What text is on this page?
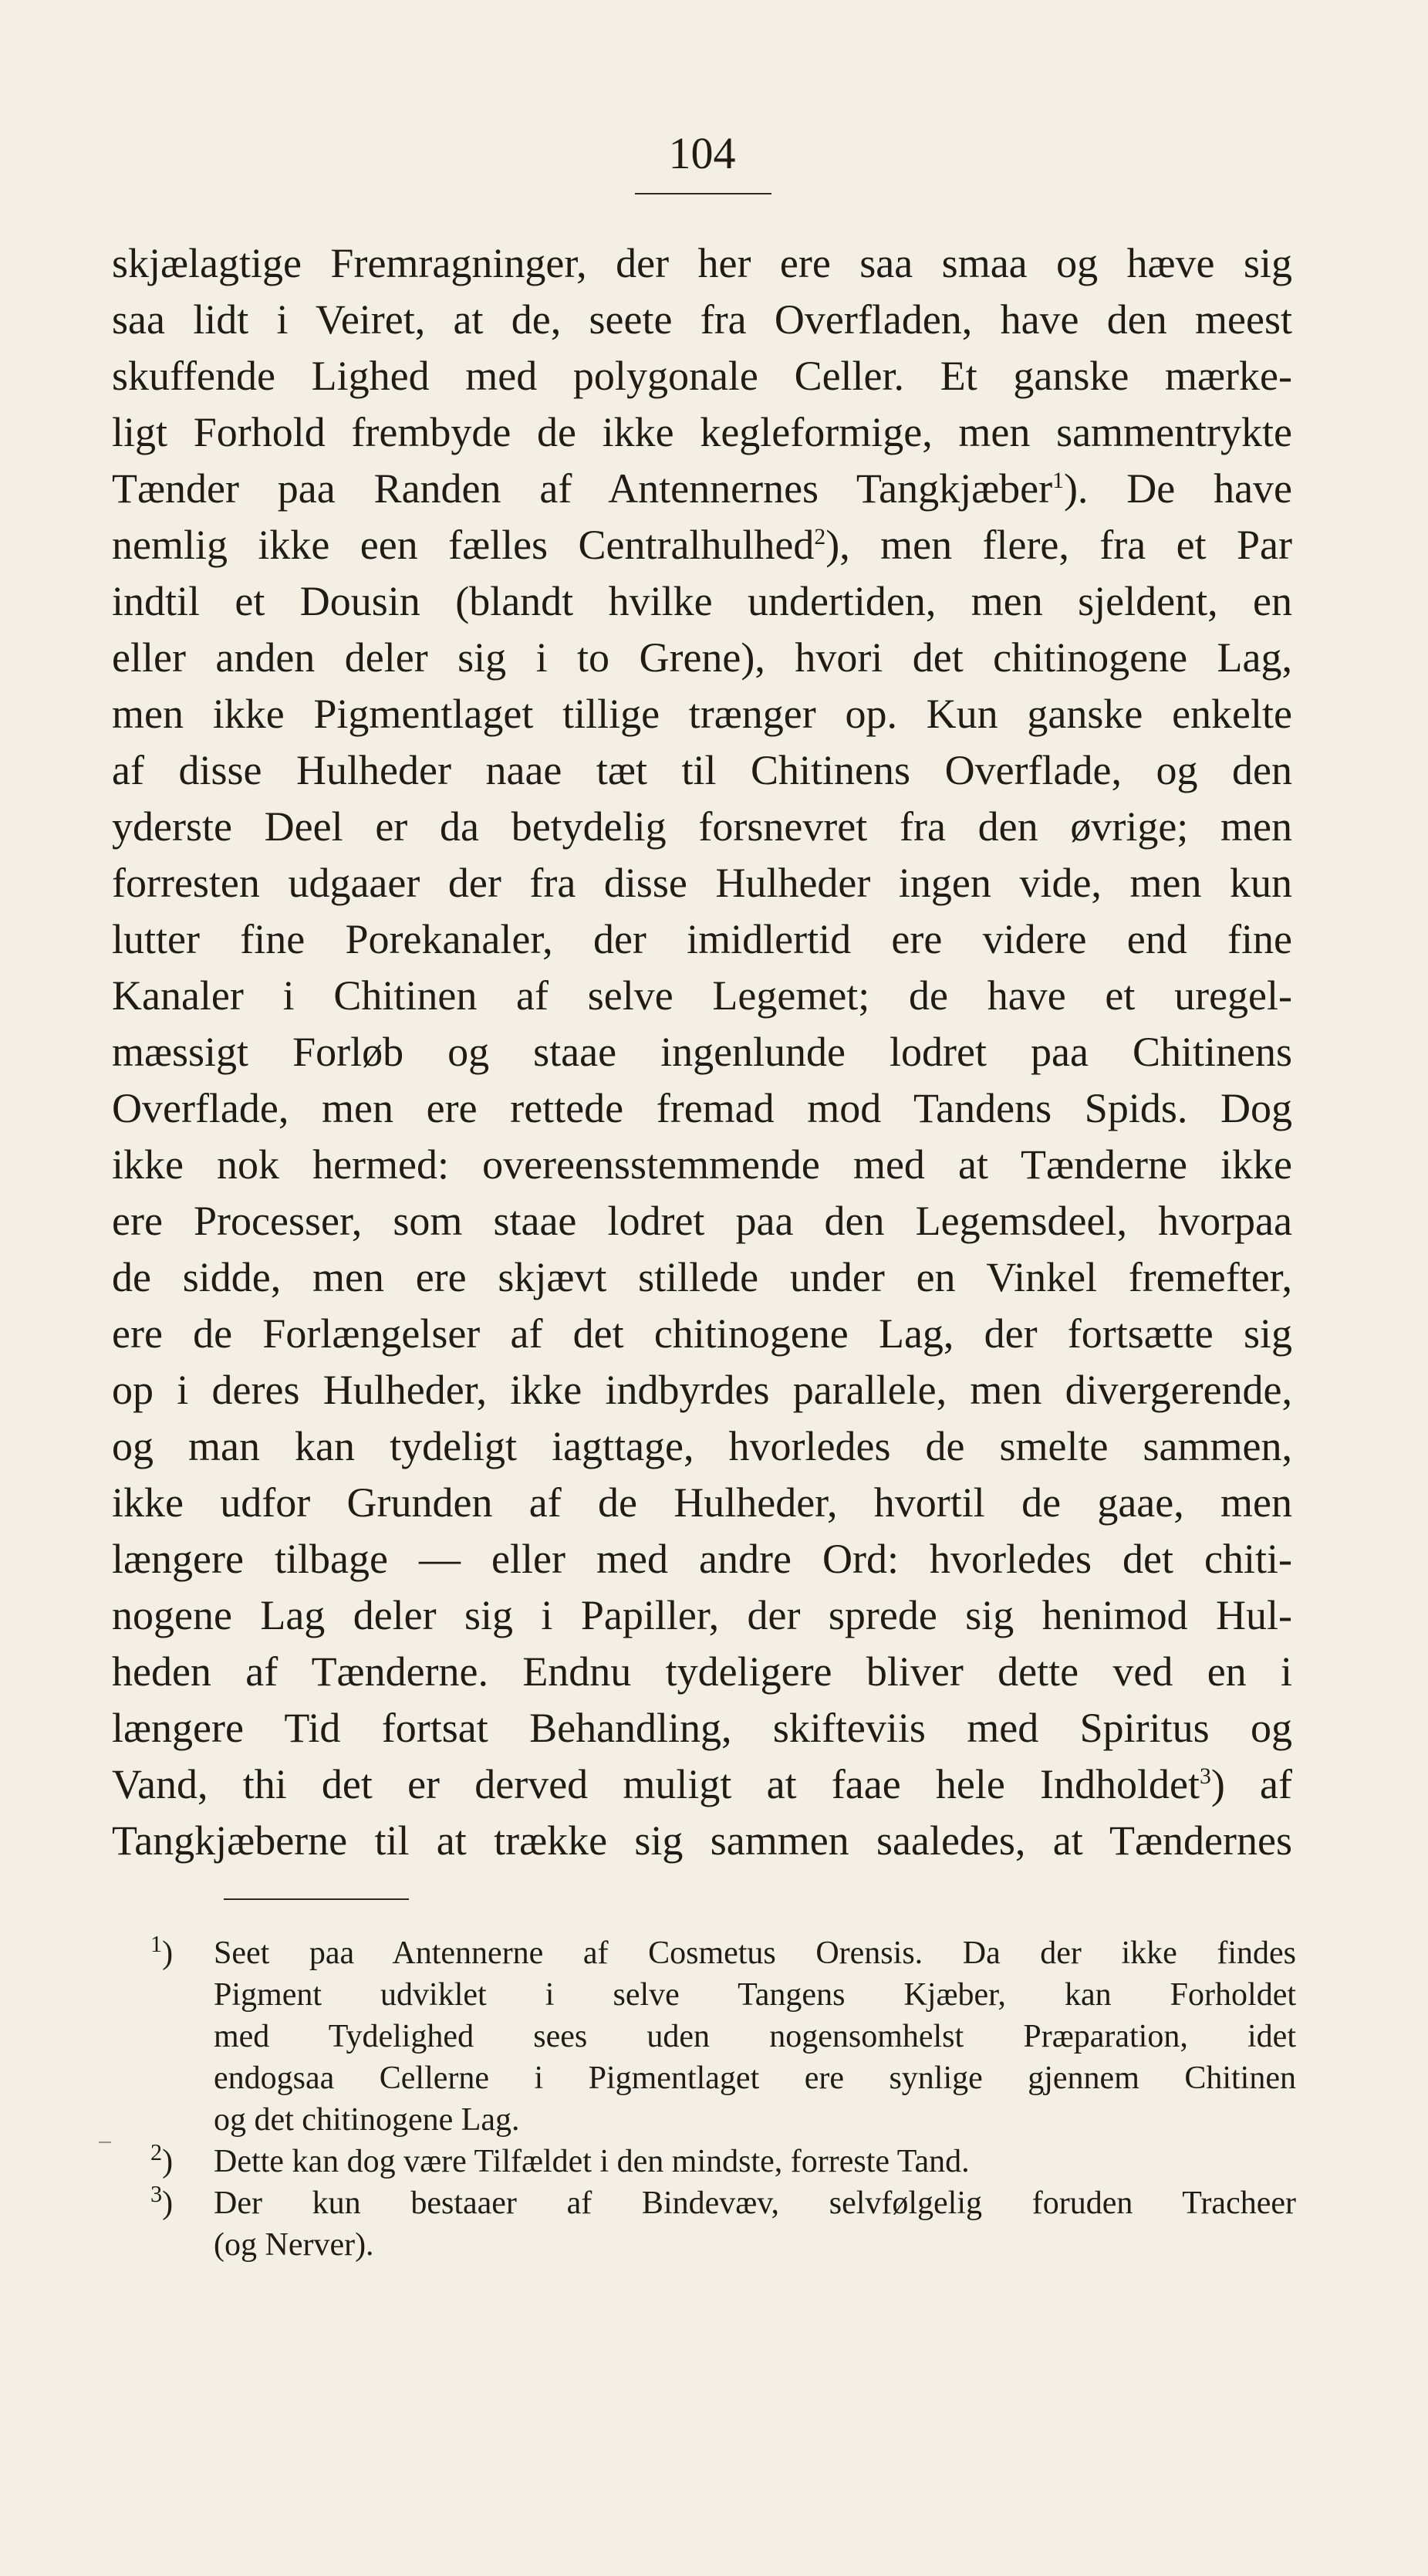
104
skjælagtige Fremragninger, der her ere saa smaa og hæve sig
saa lidt i Veiret, at de, seete fra Overfladen, have den meest
skuffende Lighed med polygonale Celler. Et ganske mærke-
ligt Forhold frembyde de ikke kegleformige, men sammentrykte
Tænder paa Randen af Antennernes Tangkjæber$^1$). De have
nemlig ikke een fælles Centralhulhed$^2$), men flere, fra et Par
indtil et Dousin (blandt hvilke undertiden, men sjeldent, en
eller anden deler sig i to Grene), hvori det chitinogene Lag,
men ikke Pigmentlaget tillige trænger op. Kun ganske enkelte
af disse Hulheder naae tæt til Chitinens Overflade, og den
yderste Deel er da betydelig forsnevret fra den øvrige; men
forresten udgaaer der fra disse Hulheder ingen vide, men kun
lutter fine Porekanaler, der imidlertid ere videre end fine
Kanaler i Chitinen af selve Legemet; de have et uregel-
mæssigt Forløb og staae ingenlunde lodret paa Chitinens
Overflade, men ere rettede fremad mod Tandens Spids. Dog
ikke nok hermed: overeensstemmende med at Tænderne ikke
ere Processer, som staae lodret paa den Legemsdeel, hvorpaa
de sidde, men ere skjævt stillede under en Vinkel fremefter,
ere de Forlængelser af det chitinogene Lag, der fortsætte sig
op i deres Hulheder, ikke indbyrdes parallele, men divergerende,
og man kan tydeligt iagttage, hvorledes de smelte sammen,
ikke udfor Grunden af de Hulheder, hvortil de gaae, men
længere tilbage — eller med andre Ord: hvorledes det chiti-
nogene Lag deler sig i Papiller, der sprede sig henimod Hul-
heden af Tænderne. Endnu tydeligere bliver dette ved en i
længere Tid fortsat Behandling, skifteviis med Spiritus og
Vand, thi det er derved muligt at faae hele Indholdet$^3$) af
Tangkjæberne til at trække sig sammen saaledes, at Tændernes
$^1$)	Seet paa Antennerne af Cosmetus Orensis. Da der ikke findes
Pigment udviklet i selve Tangens Kjæber, kan Forholdet
med Tydelighed sees uden nogensomhelst Præparation, idet
endogsaa Cellerne i Pigmentlaget ere synlige gjennem Chitinen
og det chitinogene Lag.
$^2$)	Dette kan dog være Tilfældet i den mindste, forreste Tand.
$^3$)	Der kun bestaaer af Bindevæv, selvfølgelig foruden Tracheer
(og Nerver).
